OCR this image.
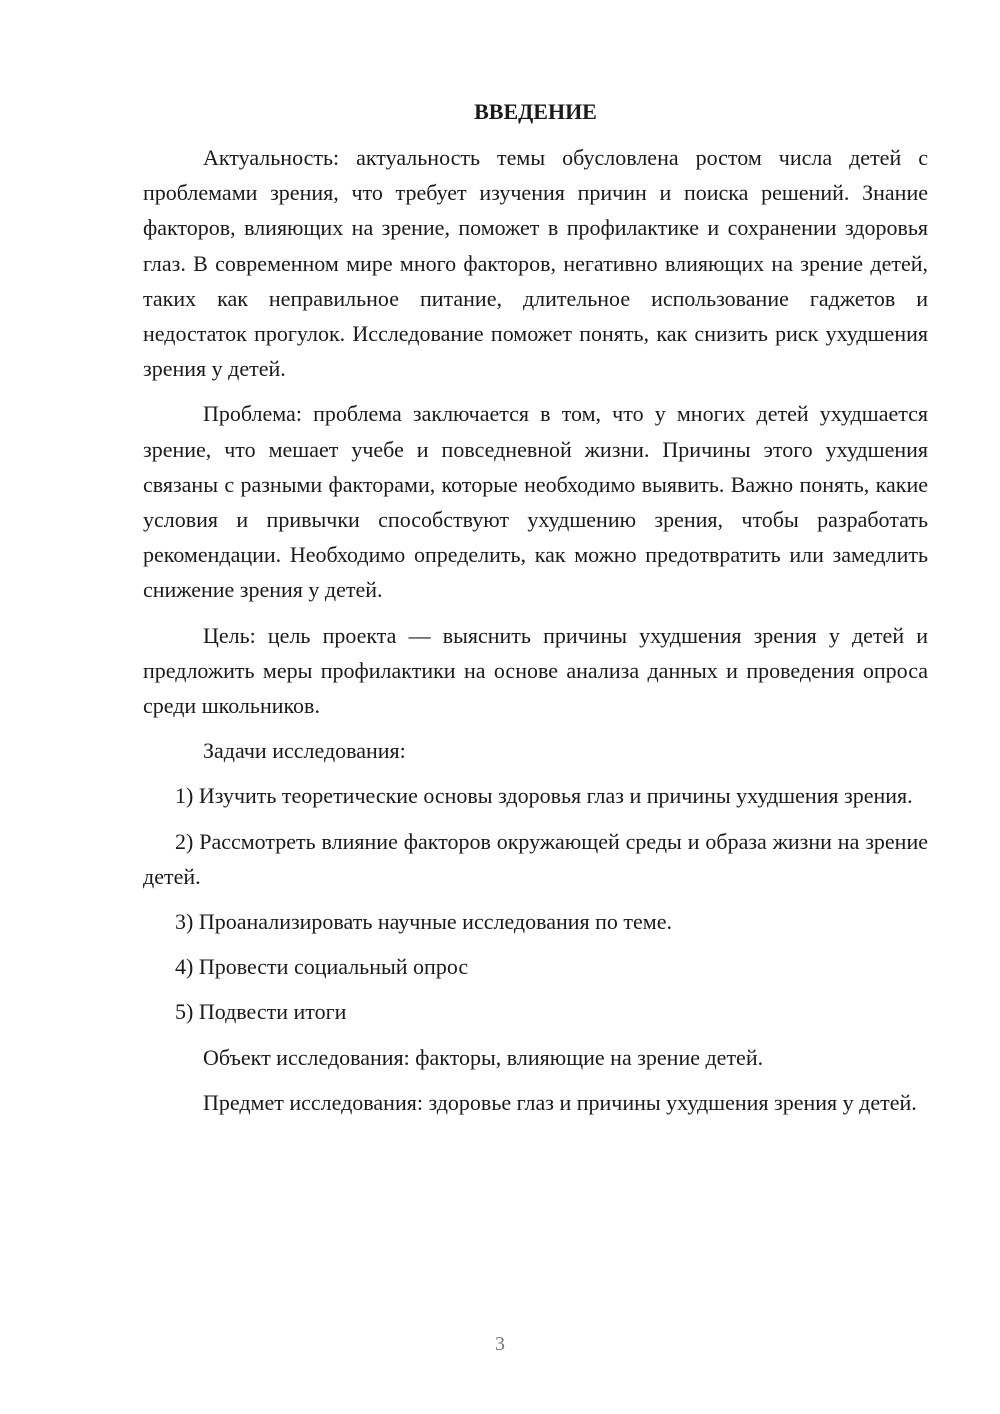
ВВЕДЕНИЕ

Актуальность: актуальность темы обусловлена ростом числа детей с проблемами зрения, что требует изучения причин и поиска решений. Знание факторов, влияющих на зрение, поможет в профилактике и сохранении здоровья глаз. В современном мире много факторов, негативно влияющих на зрение детей, таких как неправильное питание, длительное использование гаджетов и недостаток прогулок. Исследование поможет понять, как снизить риск ухудшения зрения у детей.

Проблема: проблема заключается в том, что у многих детей ухудшается зрение, что мешает учебе и повседневной жизни. Причины этого ухудшения связаны с разными факторами, которые необходимо выявить. Важно понять, какие условия и привычки способствуют ухудшению зрения, чтобы разработать рекомендации. Необходимо определить, как можно предотвратить или замедлить снижение зрения у детей.

Цель: цель проекта — выяснить причины ухудшения зрения у детей и предложить меры профилактики на основе анализа данных и проведения опроса среди школьников.

Задачи исследования:

1) Изучить теоретические основы здоровья глаз и причины ухудшения зрения.

2) Рассмотреть влияние факторов окружающей среды и образа жизни на зрение детей.

3) Проанализировать научные исследования по теме.

4) Провести социальный опрос

5) Подвести итоги

Объект исследования: факторы, влияющие на зрение детей.

Предмет исследования: здоровье глаз и причины ухудшения зрения у детей.

3
